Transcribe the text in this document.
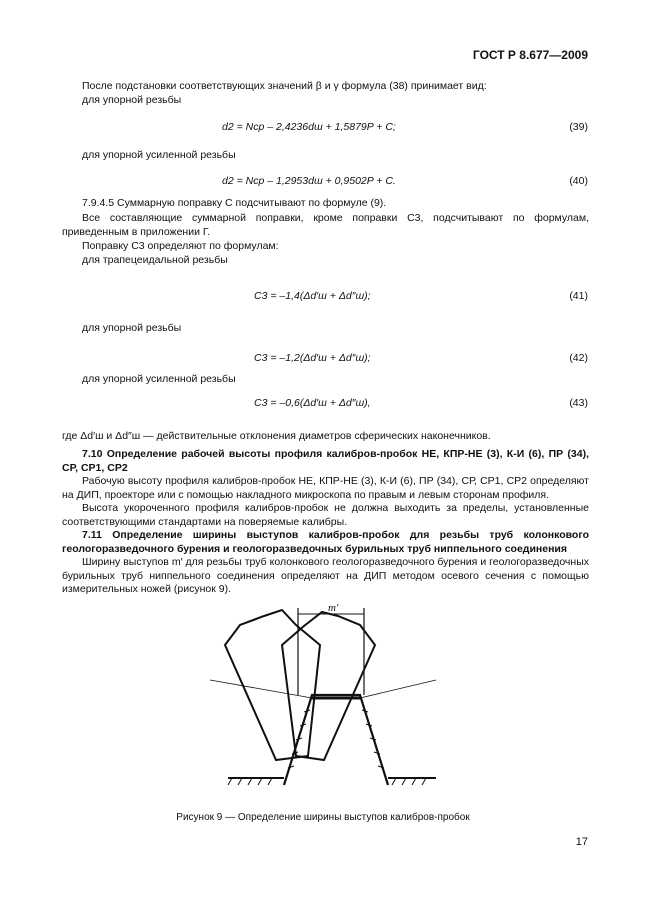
ГОСТ Р 8.677—2009
После подстановки соответствующих значений β и γ формула (38) принимает вид:
для упорной резьбы
d2 = Nср – 2,4236dш + 1,5879P + C;	(39)
для упорной усиленной резьбы
d2 = Nср – 1,2953dш + 0,9502P + C.	(40)
7.9.4.5 Суммарную поправку C подсчитывают по формуле (9).
Все составляющие суммарной поправки, кроме поправки C3, подсчитывают по формулам, приведенным в приложении Г.
Поправку C3 определяют по формулам:
для трапецеидальной резьбы
C3 = –1,4(Δd′ш + Δd″ш);	(41)
для упорной резьбы
C3 = –1,2(Δd′ш + Δd″ш);	(42)
для упорной усиленной резьбы
C3 = –0,6(Δd′ш + Δd″ш),	(43)
где Δd′ш и Δd″ш — действительные отклонения диаметров сферических наконечников.
7.10 Определение рабочей высоты профиля калибров-пробок НЕ, КПР-НЕ (3), К-И (6), ПР (34), СР, СР1, СР2
Рабочую высоту профиля калибров-пробок НЕ, КПР-НЕ (3), К-И (6), ПР (34), СР, СР1, СР2 определяют на ДИП, проекторе или с помощью накладного микроскопа по правым и левым сторонам профиля.
Высота укороченного профиля калибров-пробок не должна выходить за пределы, установленные соответствующими стандартами на поверяемые калибры.
7.11 Определение ширины выступов калибров-пробок для резьбы труб колонкового геологоразведочного бурения и геологоразведочных бурильных труб ниппельного соединения
Ширину выступов m′ для резьбы труб колонкового геологоразведочного бурения и геологоразведочных бурильных труб ниппельного соединения определяют на ДИП методом осевого сечения с помощью измерительных ножей (рисунок 9).
m′
Рисунок 9 — Определение ширины выступов калибров-пробок
17
